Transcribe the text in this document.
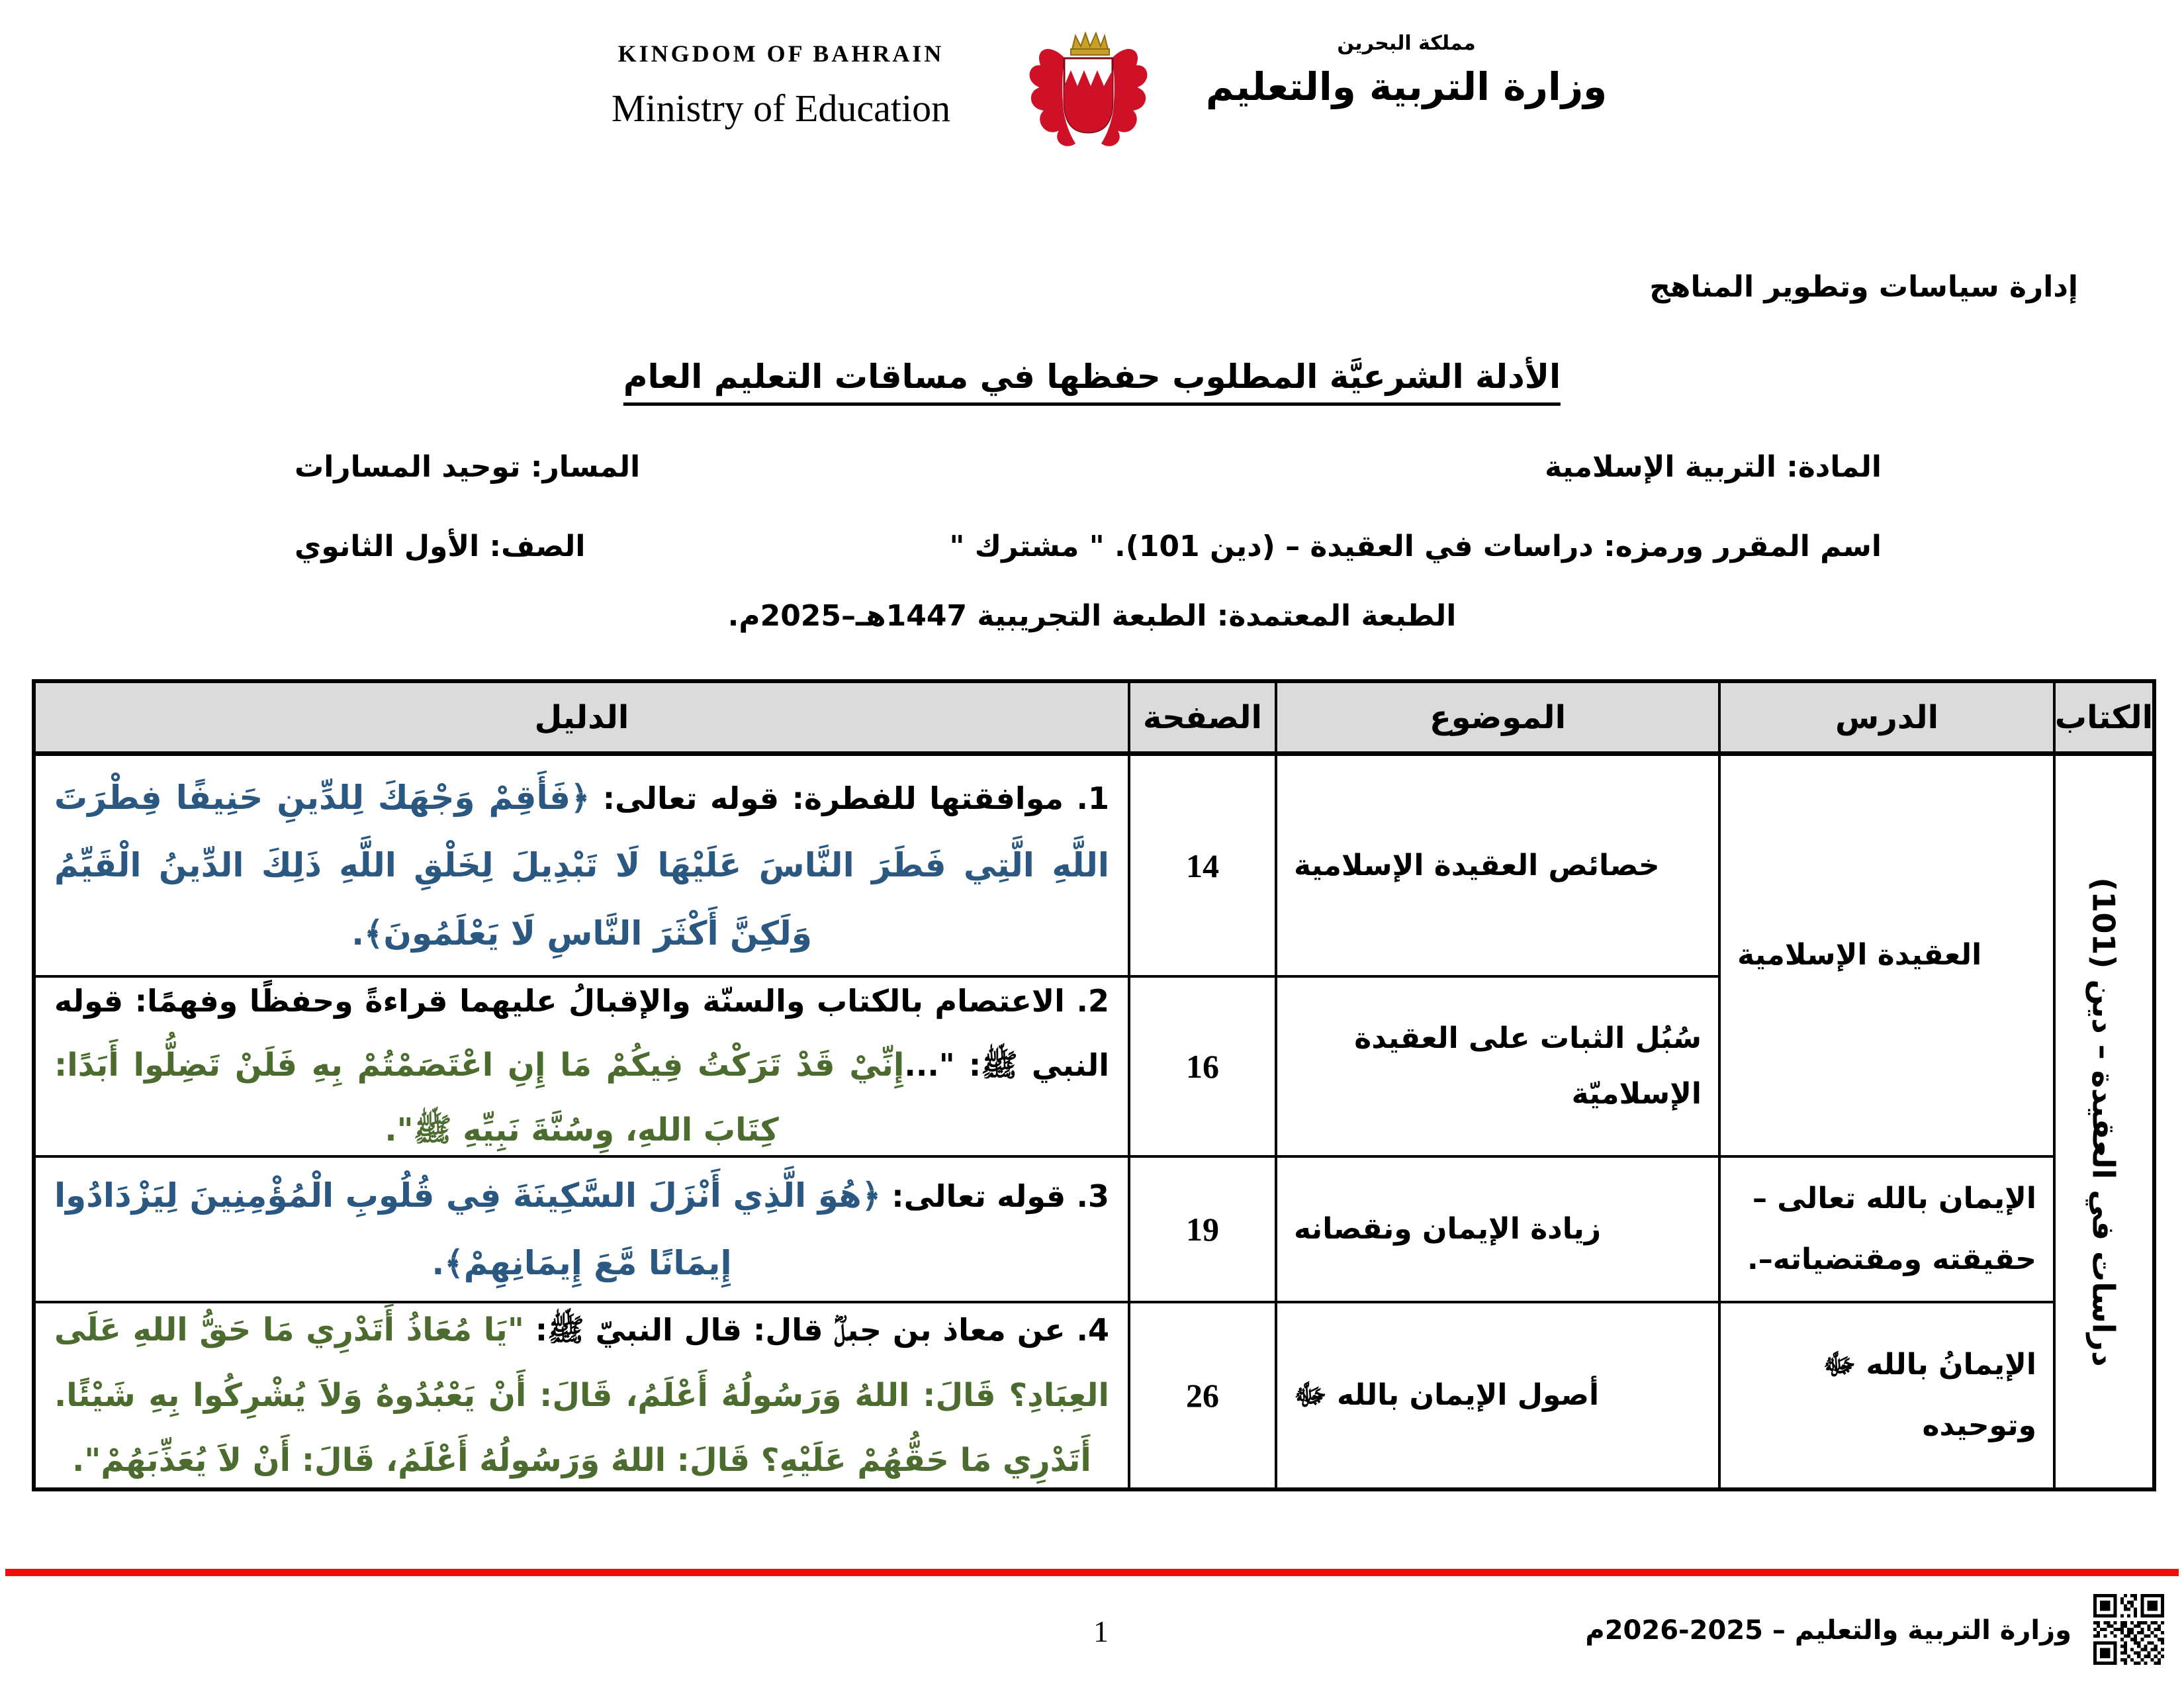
KINGDOM OF BAHRAIN
Ministry of Education
مملكة البحرين
وزارة التربية والتعليم
إدارة سياسات وتطوير المناهج
الأدلة الشرعيَّة المطلوب حفظها في مساقات التعليم العام
المادة: التربية الإسلامية
المسار: توحيد المسارات
اسم المقرر ورمزه: دراسات في العقيدة – (دين 101). " مشترك "
الصف: الأول الثانوي
الطبعة المعتمدة: الطبعة التجريبية 1447هـ–2025م.
الكتاب
الدرس
الموضوع
الصفحة
الدليل
دراسات في العقيدة – دين (101)
العقيدة الإسلامية
الإيمان بالله تعالى –حقيقته ومقتضياته–.
الإيمانُ بالله ﷻ وتوحيده
خصائص العقيدة الإسلامية
سُبُل الثبات على العقيدة الإسلاميّة
زيادة الإيمان ونقصانه
أصول الإيمان بالله ﷻ
14
16
19
26
1. موافقتها للفطرة: قوله تعالى: ﴿فَأَقِمْ وَجْهَكَ لِلدِّينِ حَنِيفًا فِطْرَتَ اللَّهِ الَّتِي فَطَرَ النَّاسَ عَلَيْهَا لَا تَبْدِيلَ لِخَلْقِ اللَّهِ ذَلِكَ الدِّينُ الْقَيِّمُ وَلَكِنَّ أَكْثَرَ النَّاسِ لَا يَعْلَمُونَ﴾.
2. الاعتصام بالكتاب والسنّة والإقبالُ عليهما قراءةً وحفظًا وفهمًا: قوله النبي ﷺ: "...إِنِّيْ قَدْ تَرَكْتُ فِيكُمْ مَا إِنِ اعْتَصَمْتُمْ بِهِ فَلَنْ تَضِلُّوا أَبَدًا: كِتَابَ اللهِ، وِسُنَّةَ نَبِيِّهِ ﷺ".
3. قوله تعالى: ﴿هُوَ الَّذِي أَنْزَلَ السَّكِينَةَ فِي قُلُوبِ الْمُؤْمِنِينَ لِيَزْدَادُوا إِيمَانًا مَّعَ إِيمَانِهِمْ﴾.
4. عن معاذ بن جبلؓ قال: قال النبيّ ﷺ: "يَا مُعَاذُ أَتَدْرِي مَا حَقُّ اللهِ عَلَى العِبَادِ؟ قَالَ: اللهُ وَرَسُولُهُ أَعْلَمُ، قَالَ: أَنْ يَعْبُدُوهُ وَلاَ يُشْرِكُوا بِهِ شَيْئًا. أَتَدْرِي مَا حَقُّهُمْ عَلَيْهِ؟ قَالَ: اللهُ وَرَسُولُهُ أَعْلَمُ، قَالَ: أَنْ لاَ يُعَذِّبَهُمْ".
1	وزارة التربية والتعليم – 2025-2026م
